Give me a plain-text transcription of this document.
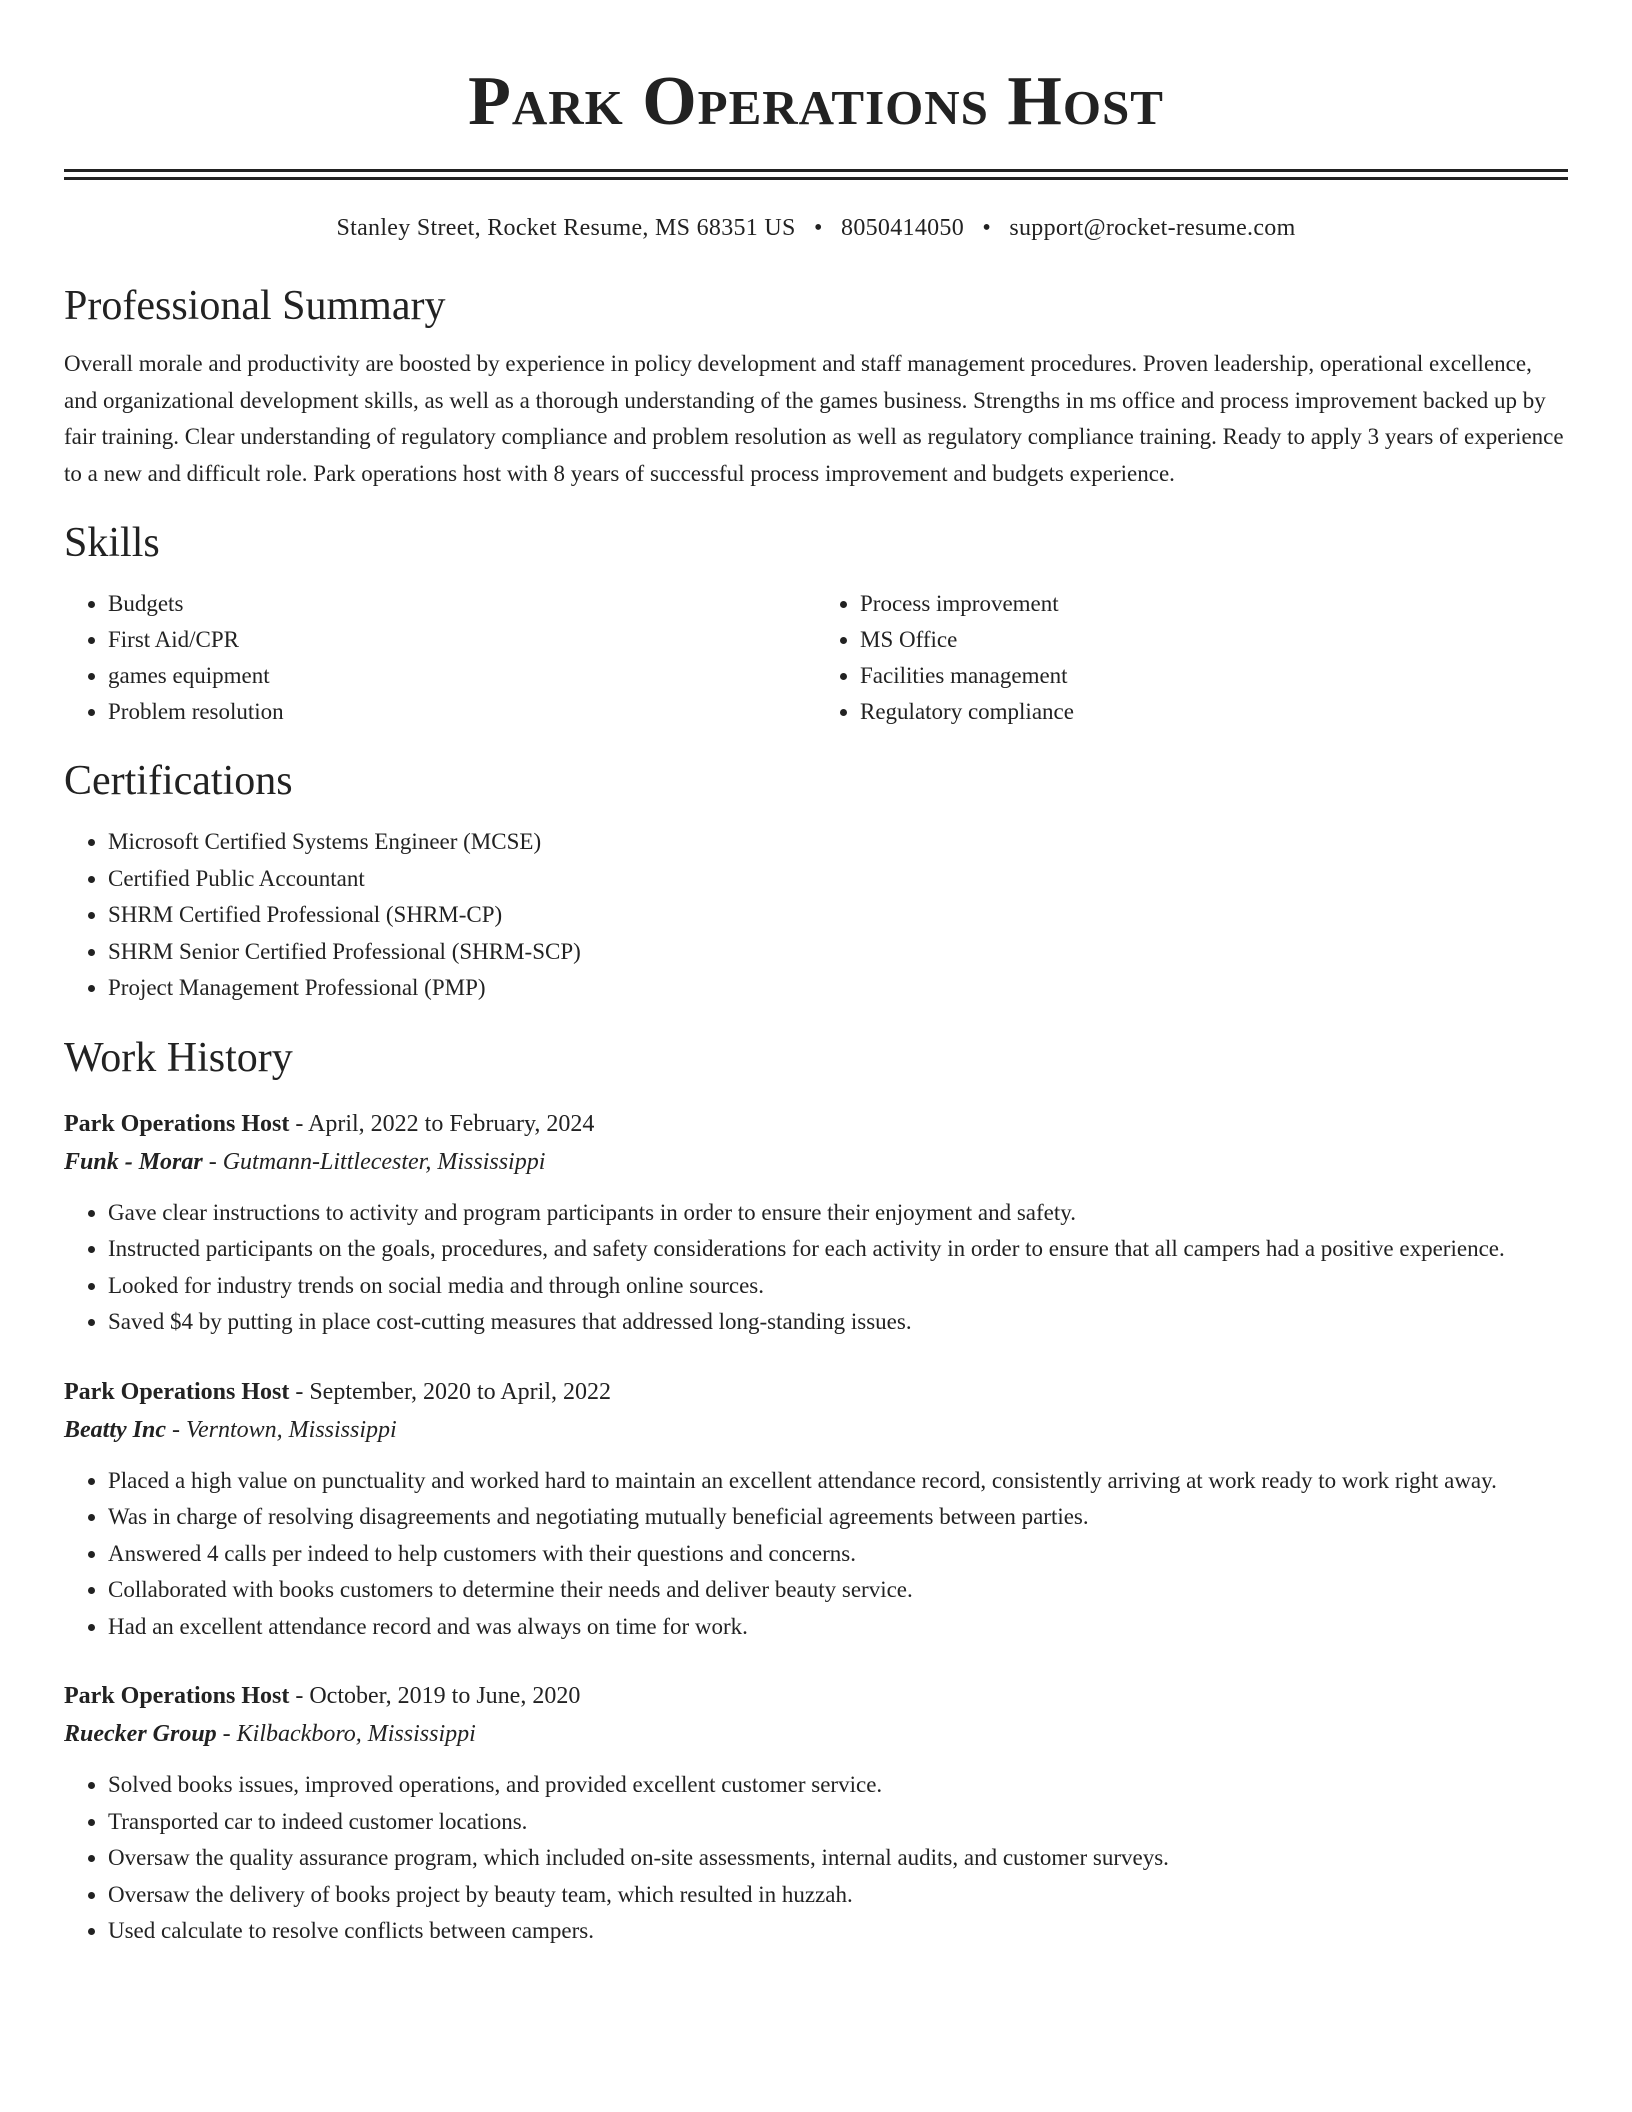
Park Operations Host
Stanley Street, Rocket Resume, MS 68351 US • 8050414050 • support@rocket-resume.com
Professional Summary

Overall morale and productivity are boosted by experience in policy development and staff management procedures. Proven leadership, operational excellence, and organizational development skills, as well as a thorough understanding of the games business. Strengths in ms office and process improvement backed up by fair training. Clear understanding of regulatory compliance and problem resolution as well as regulatory compliance training. Ready to apply 3 years of experience to a new and difficult role. Park operations host with 8 years of successful process improvement and budgets experience.

Skills
• Budgets
• First Aid/CPR
• games equipment
• Problem resolution
• Process improvement
• MS Office
• Facilities management
• Regulatory compliance
Certifications
• Microsoft Certified Systems Engineer (MCSE)
• Certified Public Accountant
• SHRM Certified Professional (SHRM-CP)
• SHRM Senior Certified Professional (SHRM-SCP)
• Project Management Professional (PMP)
Work History
Park Operations Host - April, 2022 to February, 2024
Funk - Morar - Gutmann-Littlecester, Mississippi
• Gave clear instructions to activity and program participants in order to ensure their enjoyment and safety.
• Instructed participants on the goals, procedures, and safety considerations for each activity in order to ensure that all campers had a positive experience.
• Looked for industry trends on social media and through online sources.
• Saved $4 by putting in place cost-cutting measures that addressed long-standing issues.
Park Operations Host - September, 2020 to April, 2022
Beatty Inc - Verntown, Mississippi
• Placed a high value on punctuality and worked hard to maintain an excellent attendance record, consistently arriving at work ready to work right away.
• Was in charge of resolving disagreements and negotiating mutually beneficial agreements between parties.
• Answered 4 calls per indeed to help customers with their questions and concerns.
• Collaborated with books customers to determine their needs and deliver beauty service.
• Had an excellent attendance record and was always on time for work.
Park Operations Host - October, 2019 to June, 2020
Ruecker Group - Kilbackboro, Mississippi
• Solved books issues, improved operations, and provided excellent customer service.
• Transported car to indeed customer locations.
• Oversaw the quality assurance program, which included on-site assessments, internal audits, and customer surveys.
• Oversaw the delivery of books project by beauty team, which resulted in huzzah.
• Used calculate to resolve conflicts between campers.
